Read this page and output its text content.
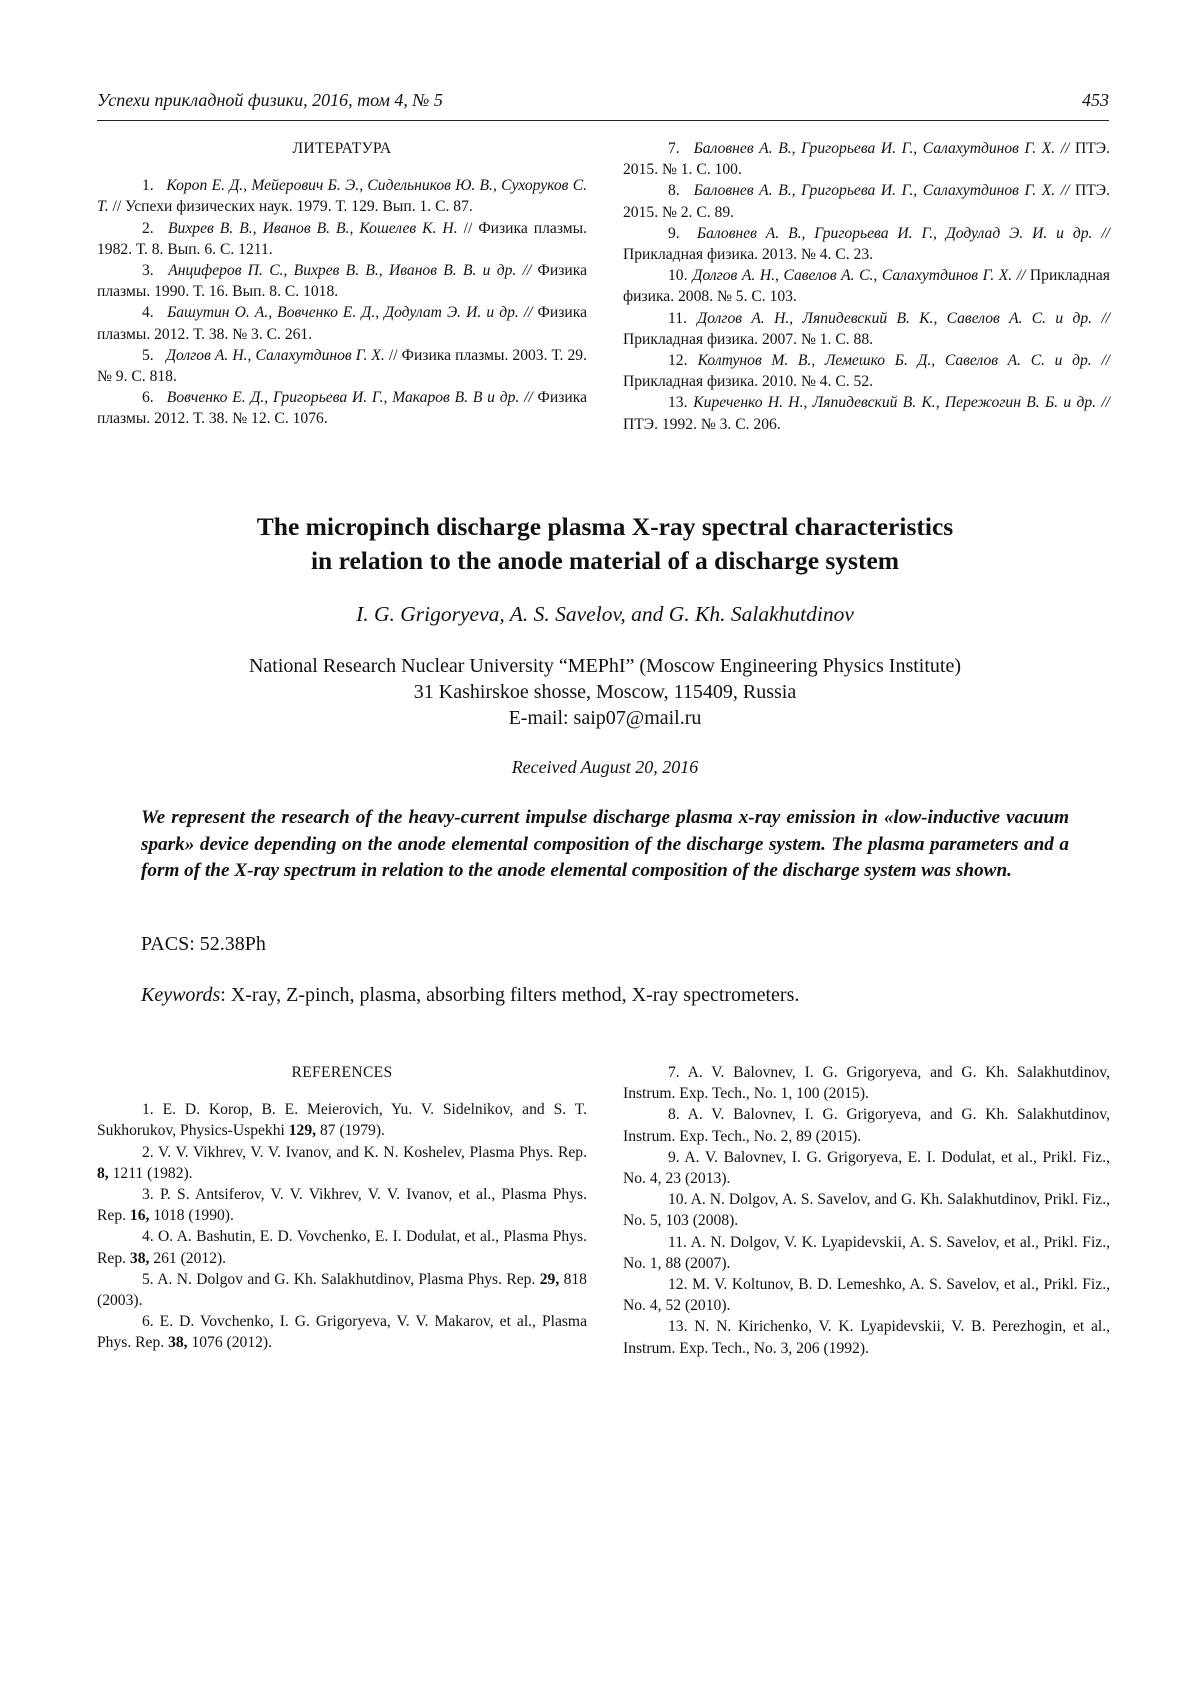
Успехи прикладной физики, 2016, том 4, № 5	453
ЛИТЕРАТУРА

1. Короп Е. Д., Мейерович Б. Э., Сидельников Ю. В., Сухоруков С. Т. // Успехи физических наук. 1979. Т. 129. Вып. 1. С. 87.

2. Вихрев В. В., Иванов В. В., Кошелев К. Н. // Физика плазмы. 1982. Т. 8. Вып. 6. С. 1211.

3. Анциферов П. С., Вихрев В. В., Иванов В. В. и др. // Физика плазмы. 1990. Т. 16. Вып. 8. С. 1018.

4. Башутин О. А., Вовченко Е. Д., Додулат Э. И. и др. // Физика плазмы. 2012. Т. 38. № 3. С. 261.

5. Долгов А. Н., Салахутдинов Г. Х. // Физика плазмы. 2003. Т. 29. № 9. С. 818.

6. Вовченко Е. Д., Григорьева И. Г., Макаров В. В и др. // Физика плазмы. 2012. Т. 38. № 12. С. 1076.

7. Баловнев А. В., Григорьева И. Г., Салахутдинов Г. Х. // ПТЭ. 2015. № 1. С. 100.

8. Баловнев А. В., Григорьева И. Г., Салахутдинов Г. Х. // ПТЭ. 2015. № 2. С. 89.

9. Баловнев А. В., Григорьева И. Г., Додулад Э. И. и др. // Прикладная физика. 2013. № 4. С. 23.

10. Долгов А. Н., Савелов А. С., Салахутдинов Г. Х. // Прикладная физика. 2008. № 5. С. 103.

11. Долгов А. Н., Ляпидевский В. К., Савелов А. С. и др. // Прикладная физика. 2007. № 1. С. 88.

12. Колтунов М. В., Лемешко Б. Д., Савелов А. С. и др. // Прикладная физика. 2010. № 4. С. 52.

13. Киреченко Н. Н., Ляпидевский В. К., Пережогин В. Б. и др. // ПТЭ. 1992. № 3. С. 206.

The micropinch discharge plasma X-ray spectral characteristics
in relation to the anode material of a discharge system
I. G. Grigoryeva, A. S. Savelov, and G. Kh. Salakhutdinov
National Research Nuclear University “MEPhI” (Moscow Engineering Physics Institute)
31 Kashirskoe shosse, Moscow, 115409, Russia
E-mail: saip07@mail.ru
Received August 20, 2016
We represent the research of the heavy-current impulse discharge plasma x-ray emission in «low-inductive vacuum spark» device depending on the anode elemental composition of the discharge system. The plasma parameters and a form of the X-ray spectrum in relation to the anode elemental composition of the discharge system was shown.
PACS: 52.38Ph
Keywords: X-ray, Z-pinch, plasma, absorbing filters method, X-ray spectrometers.
REFERENCES

1. E. D. Korop, B. E. Meierovich, Yu. V. Sidelnikov, and S. T. Sukhorukov, Physics-Uspekhi 129, 87 (1979).

2. V. V. Vikhrev, V. V. Ivanov, and K. N. Koshelev, Plasma Phys. Rep. 8, 1211 (1982).

3. P. S. Antsiferov, V. V. Vikhrev, V. V. Ivanov, et al., Plasma Phys. Rep. 16, 1018 (1990).

4. O. A. Bashutin, E. D. Vovchenko, E. I. Dodulat, et al., Plasma Phys. Rep. 38, 261 (2012).

5. A. N. Dolgov and G. Kh. Salakhutdinov, Plasma Phys. Rep. 29, 818 (2003).

6. E. D. Vovchenko, I. G. Grigoryeva, V. V. Makarov, et al., Plasma Phys. Rep. 38, 1076 (2012).

7. A. V. Balovnev, I. G. Grigoryeva, and G. Kh. Salakhutdinov, Instrum. Exp. Tech., No. 1, 100 (2015).

8. A. V. Balovnev, I. G. Grigoryeva, and G. Kh. Salakhutdinov, Instrum. Exp. Tech., No. 2, 89 (2015).

9. A. V. Balovnev, I. G. Grigoryeva, E. I. Dodulat, et al., Prikl. Fiz., No. 4, 23 (2013).

10. A. N. Dolgov, A. S. Savelov, and G. Kh. Salakhutdinov, Prikl. Fiz., No. 5, 103 (2008).

11. A. N. Dolgov, V. K. Lyapidevskii, A. S. Savelov, et al., Prikl. Fiz., No. 1, 88 (2007).

12. M. V. Koltunov, B. D. Lemeshko, A. S. Savelov, et al., Prikl. Fiz., No. 4, 52 (2010).

13. N. N. Kirichenko, V. K. Lyapidevskii, V. B. Perezhogin, et al., Instrum. Exp. Tech., No. 3, 206 (1992).
